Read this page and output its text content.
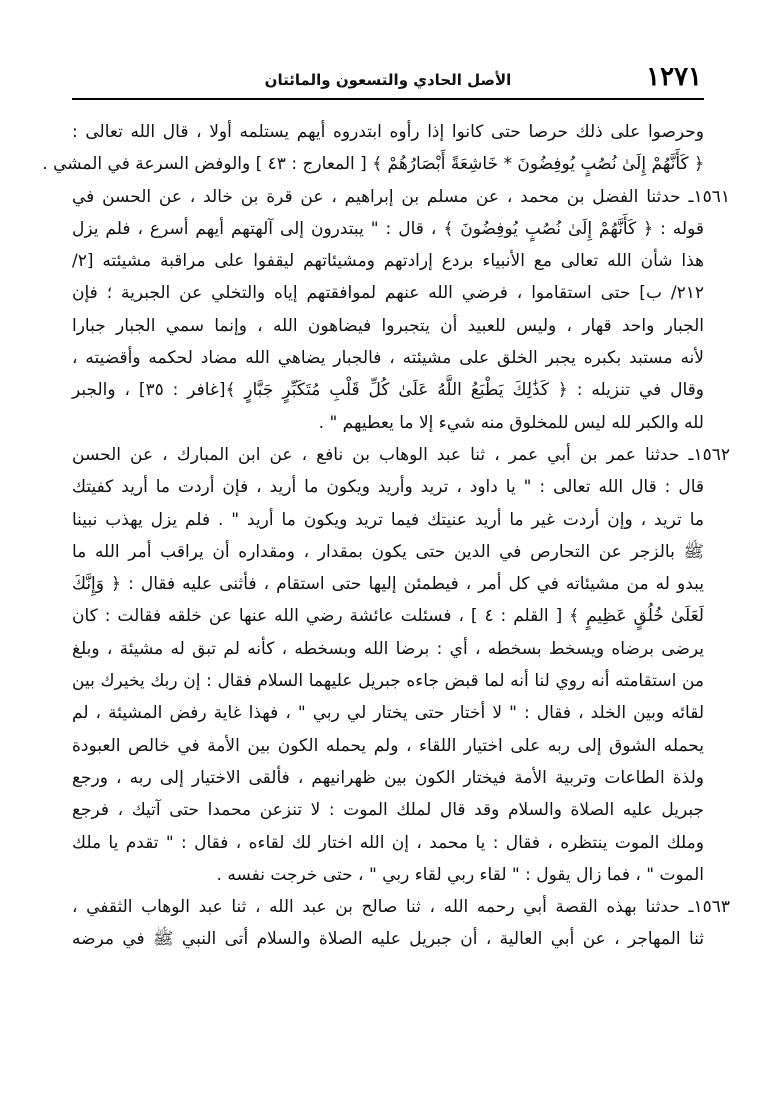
١٢٧١
الأصل الحادي والتسعون والمائتان
وحرصوا على ذلك حرصا حتى كانوا إذا رأوه ابتدروه أيهم يستلمه أولا ، قال الله تعالى :
﴿ كَأَنَّهُمْ إِلَىٰ نُصُبٍ يُوفِضُونَ * خَاشِعَةً أَبْصَارُهُمْ ﴾ [ المعارج : ٤٣ ] والوفض السرعة في المشي .
١٥٦١ـ حدثنا الفضل بن محمد ، عن مسلم بن إبراهيم ، عن قرة بن خالد ، عن الحسن في
قوله : ﴿ كَأَنَّهُمْ إِلَىٰ نُصُبٍ يُوفِضُونَ ﴾ ، قال : " يبتدرون إلى آلهتهم أيهم أسرع ، فلم يزل
هذا شأن الله تعالى مع الأنبياء بردع إرادتهم ومشيئاتهم ليقفوا على مراقبة مشيئته [٢/
٢١٢/ ب] حتى استقاموا ، فرضي الله عنهم لموافقتهم إياه والتخلي عن الجبرية ؛ فإن
الجبار واحد قهار ، وليس للعبيد أن يتجبروا فيضاهون الله ، وإنما سمي الجبار جبارا
لأنه مستبد بكبره يجبر الخلق على مشيئته ، فالجبار يضاهي الله مضاد لحكمه وأقضيته ،
وقال في تنزيله : ﴿ كَذَٰلِكَ يَطْبَعُ اللَّهُ عَلَىٰ كُلِّ قَلْبِ مُتَكَبِّرٍ جَبَّارٍ ﴾[غافر : ٣٥] ، والجبر
لله والكبر لله ليس للمخلوق منه شيء إلا ما يعطيهم " .
١٥٦٢ـ حدثنا عمر بن أبي عمر ، ثنا عبد الوهاب بن نافع ، عن ابن المبارك ، عن الحسن
قال : قال الله تعالى : " يا داود ، تريد وأريد ويكون ما أريد ، فإن أردت ما أريد كفيتك
ما تريد ، وإن أردت غير ما أريد عنيتك فيما تريد ويكون ما أريد " . فلم يزل يهذب نبينا
ﷺ بالزجر عن التحارص في الدين حتى يكون بمقدار ، ومقداره أن يراقب أمر الله ما
يبدو له من مشيئاته في كل أمر ، فيطمئن إليها حتى استقام ، فأثنى عليه فقال : ﴿ وَإِنَّكَ
لَعَلَىٰ خُلُقٍ عَظِيمٍ ﴾ [ القلم : ٤ ] ، فسئلت عائشة رضي الله عنها عن خلقه فقالت : كان
يرضى برضاه ويسخط بسخطه ، أي : برضا الله وبسخطه ، كأنه لم تبق له مشيئة ، وبلغ
من استقامته أنه روي لنا أنه لما قبض جاءه جبريل عليهما السلام فقال : إن ربك يخيرك بين
لقائه وبين الخلد ، فقال : " لا أختار حتى يختار لي ربي " ، فهذا غاية رفض المشيئة ، لم
يحمله الشوق إلى ربه على اختيار اللقاء ، ولم يحمله الكون بين الأمة في خالص العبودة
ولذة الطاعات وتربية الأمة فيختار الكون بين ظهرانيهم ، فألقى الاختيار إلى ربه ، ورجع
جبريل عليه الصلاة والسلام وقد قال لملك الموت : لا تنزعن محمدا حتى آتيك ، فرجع
وملك الموت ينتظره ، فقال : يا محمد ، إن الله اختار لك لقاءه ، فقال : " تقدم يا ملك
الموت " ، فما زال يقول : " لقاء ربي لقاء ربي " ، حتى خرجت نفسه .
١٥٦٣ـ حدثنا بهذه القصة أبي رحمه الله ، ثنا صالح بن عبد الله ، ثنا عبد الوهاب الثقفي ،
ثنا المهاجر ، عن أبي العالية ، أن جبريل عليه الصلاة والسلام أتى النبي ﷺ في مرضه
